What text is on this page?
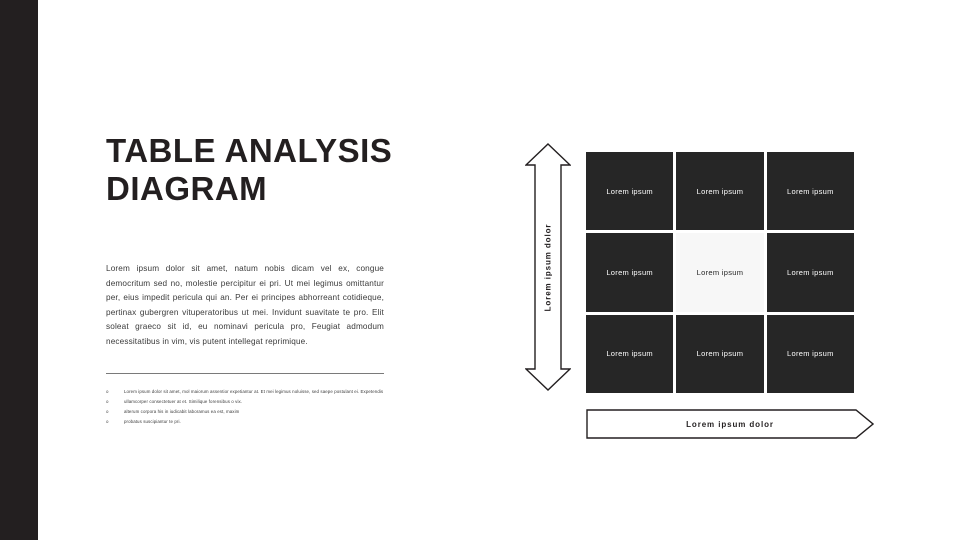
TABLE ANALYSIS DIAGRAM
Lorem ipsum dolor sit amet, natum nobis dicam vel ex, congue democritum sed no, molestie percipitur ei pri. Ut mei legimus omittantur per, eius impedit pericula qui an. Per ei principes abhorreant cotidieque, pertinax gubergren vituperatoribus ut mei. Invidunt suavitate te pro. Elit soleat graeco sit id, eu nominavi pericula pro, Feugiat admodum necessitatibus in vim, vis putent intellegat reprimique.
o	Lorem ipsum dolor sit amet, mol maiorum assentior expetiantur at. Et mei legimus noluisse, sed saepe postulant ei. Expetendis
o	ullamcorper consectetuer at et. Similique forensibus o vix.
o	alterum corpora his in iudicabit laboramus ea est, maxim
o	probatus suscipiantur te pri.
Lorem ipsum dolor
Lorem ipsum	Lorem ipsum	Lorem ipsum
Lorem ipsum	Lorem ipsum	Lorem ipsum
Lorem ipsum	Lorem ipsum	Lorem ipsum
Lorem ipsum dolor
